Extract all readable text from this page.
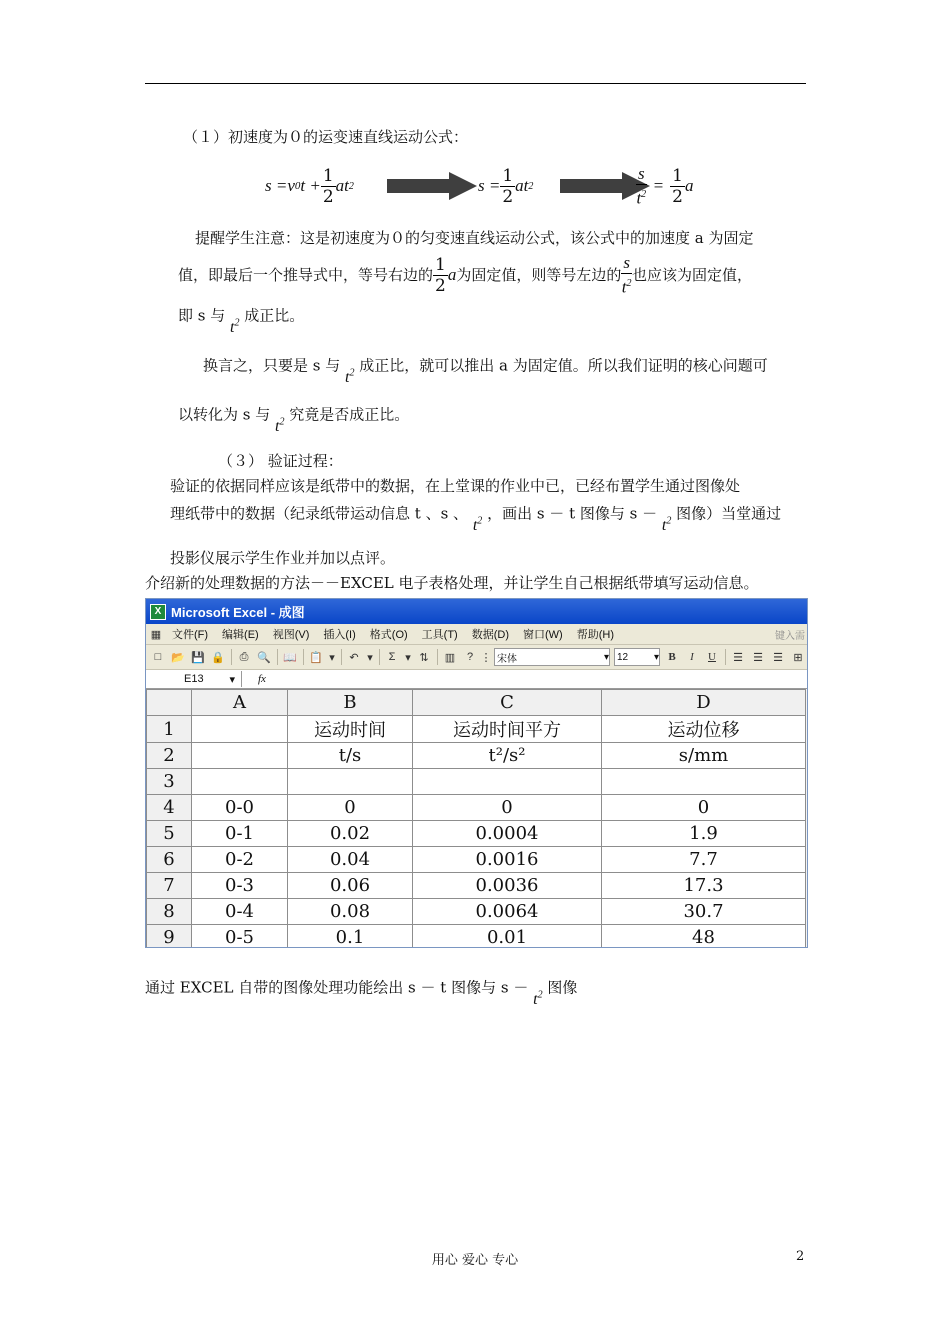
（１）初速度为０的运变速直线运动公式：
s =v 0 $t + \frac{1}{2}$ at 2	$s = \frac{1}{2}$ at 2	$\frac{s}{t^2} = \frac{1}{2}$ a
提醒学生注意：这是初速度为０的匀变速直线运动公式，该公式中的加速度 a 为固定
值，即最后一个推导式中，等号右边的 $\frac{1}{2}$ a 为固定值，则等号左边的 $\frac{s}{t^2}$ 也应该为固定值，
即 s 与 $t^2$ 成正比。
换言之，只要是 s 与 $t^2$ 成正比，就可以推出 a 为固定值。所以我们证明的核心问题可
以转化为 s 与 $t^2$ 究竟是否成正比。
（３） 验证过程：
验证的依据同样应该是纸带中的数据，在上堂课的作业中已，已经布置学生通过图像处
理纸带中的数据（纪录纸带运动信息 t 、s 、 $t^2$ ，画出 s － t 图像与 $s - t^2$ 图像）当堂通过
投影仪展示学生作业并加以点评。
介绍新的处理数据的方法－－EXCEL 电子表格处理，并让学生自己根据纸带填写运动信息。
X Microsoft Excel - 成图
▦ 文件(F) 编辑(E) 视图(V) 插入(I) 格式(O) 工具(T) 数据(D) 窗口(W) 帮助(H)	键入需
□ 📂 💾 🔒	⎙ 🔍 📖 📋 ▾	↶ ▾	Σ ▾ ⇅	▥	? ⋮ 宋体	▾ 12	▾ B	I	U	☰ ☰ ☰ ⊞
E13 ▾ fx
	A	B	C	D
1		运动时间	运动时间平方	运动位移
2		t/s	t²/s²	s/mm
3				
4	0-0	0	0	0
5	0-1	0.02	0.0004	1.9
6	0-2	0.04	0.0016	7.7
7	0-3	0.06	0.0036	17.3
8	0-4	0.08	0.0064	30.7
9	0-5	0.1	0.01	48
通过 EXCEL 自带的图像处理功能绘出 s － t 图像与 $s - t^2$ 图像
用心 爱心 专心	2
